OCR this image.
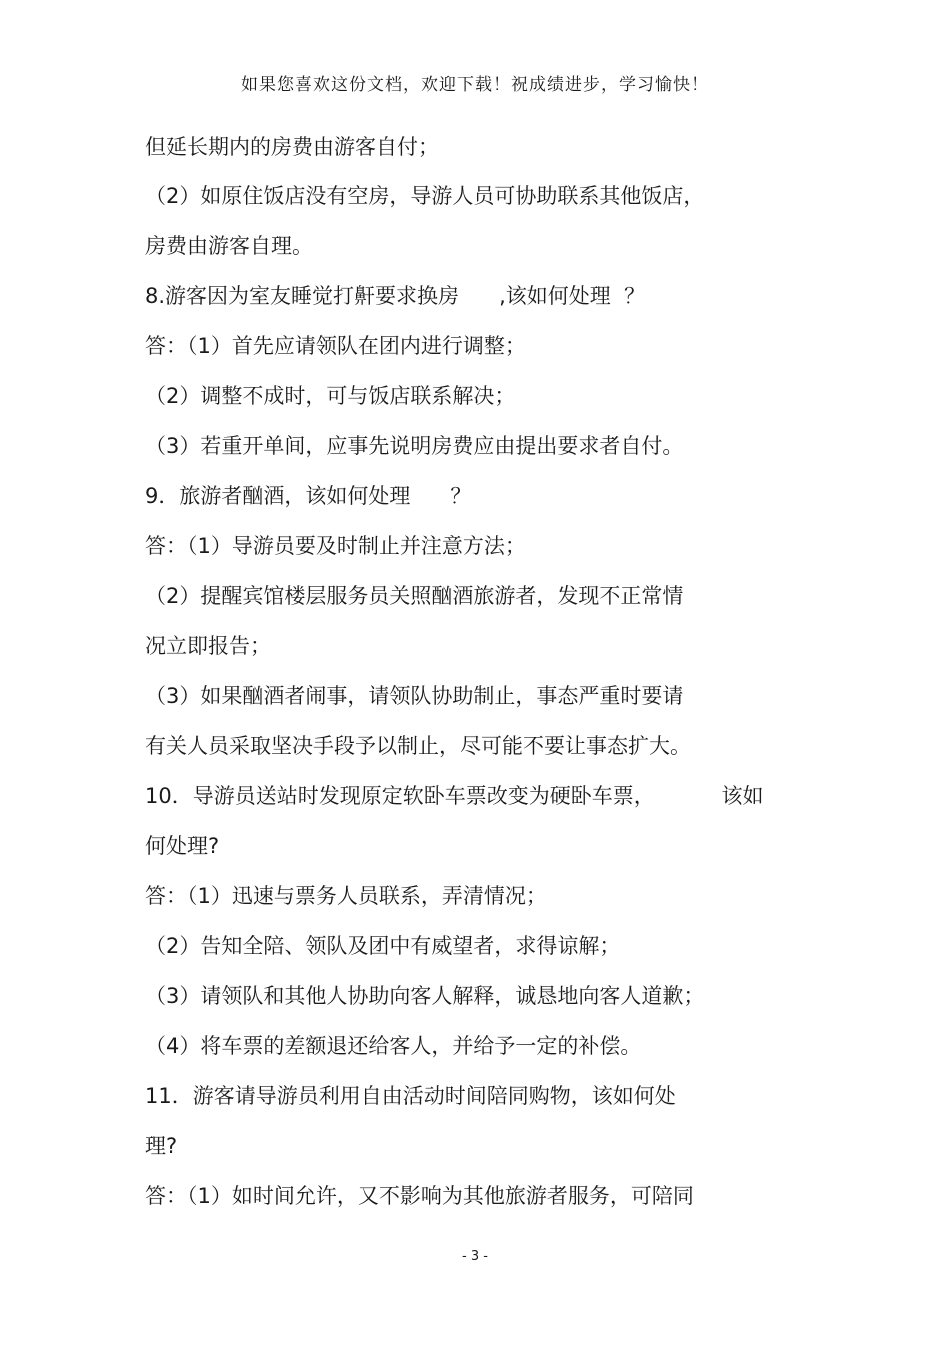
如果您喜欢这份文档，欢迎下载！祝成绩进步，学习愉快！
但延长期内的房费由游客自付；
（2）如原住饭店没有空房，导游人员可协助联系其他饭店，
房费由游客自理。
8.游客因为室友睡觉打鼾要求换房      ,该如何处理  ？
答：（1）首先应请领队在团内进行调整；
（2）调整不成时，可与饭店联系解决；
（3）若重开单间，应事先说明房费应由提出要求者自付。
9．旅游者酗酒，该如何处理      ？
答：（1）导游员要及时制止并注意方法；
（2）提醒宾馆楼层服务员关照酗酒旅游者，发现不正常情
况立即报告；
（3）如果酗酒者闹事，请领队协助制止，事态严重时要请
有关人员采取坚决手段予以制止，尽可能不要让事态扩大。
10．导游员送站时发现原定软卧车票改变为硬卧车票，          该如
何处理?
答：（1）迅速与票务人员联系，弄清情况；
（2）告知全陪、领队及团中有威望者，求得谅解；
（3）请领队和其他人协助向客人解释，诚恳地向客人道歉；
（4）将车票的差额退还给客人，并给予一定的补偿。
11．游客请导游员利用自由活动时间陪同购物，该如何处
理?
答：（1）如时间允许，又不影响为其他旅游者服务，可陪同
- 3 -
